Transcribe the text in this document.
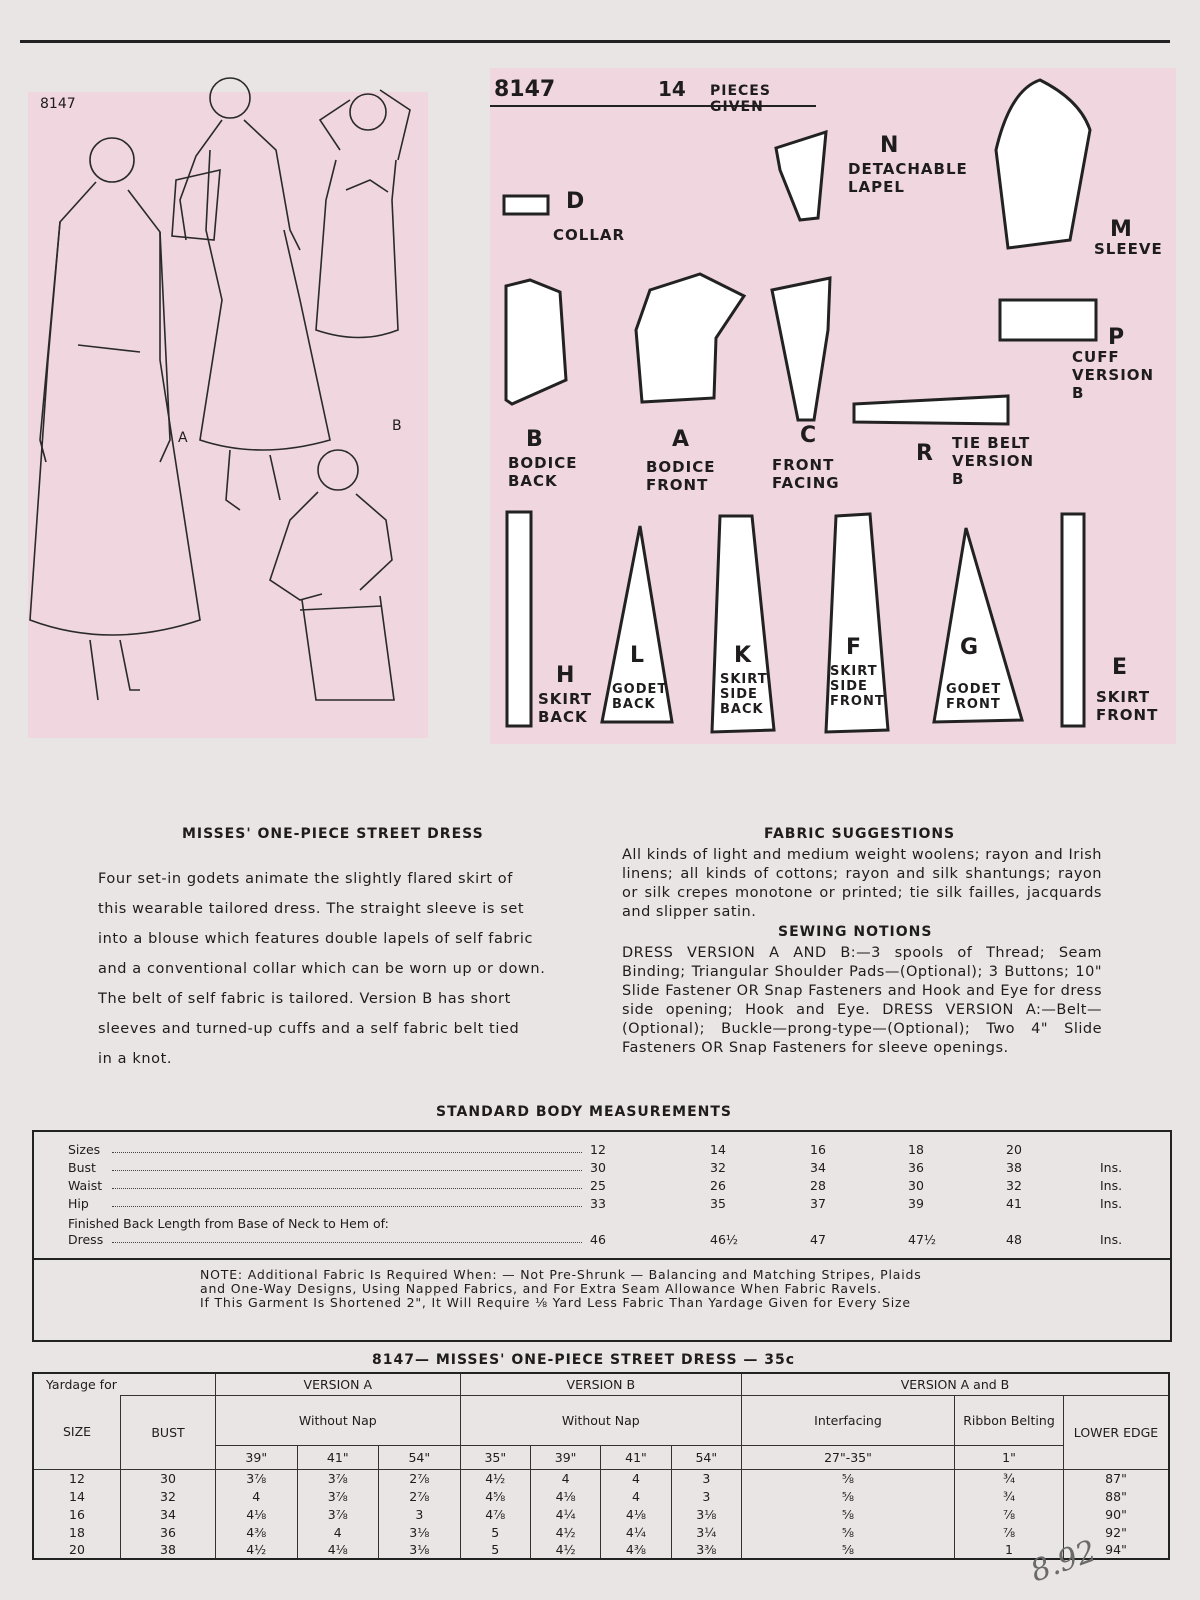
8147
A
B
8147	14 PIECES GIVEN
D
COLLAR
N
DETACHABLE LAPEL
M
SLEEVE
P
CUFF VERSION B
B
BODICE BACK
A
BODICE FRONT
C
FRONT FACING
R TIE BELT VERSION B
H
SKIRT BACK
L
GODET BACK
K
SKIRT SIDE BACK
F
SKIRT SIDE FRONT
G
GODET FRONT
E
SKIRT FRONT
MISSES' ONE-PIECE STREET DRESS
Four set-in godets animate the slightly flared skirt of
this wearable tailored dress. The straight sleeve is set
into a blouse which features double lapels of self fabric
and a conventional collar which can be worn up or down.
The belt of self fabric is tailored. Version B has short
sleeves and turned-up cuffs and a self fabric belt tied
in a knot.
FABRIC SUGGESTIONS
All kinds of light and medium weight woolens; rayon and Irish linens; all kinds of cottons; rayon and silk shantungs; rayon or silk crepes monotone or printed; tie silk failles, jacquards and slipper satin.
SEWING NOTIONS
DRESS VERSION A AND B:—3 spools of Thread; Seam Binding; Triangular Shoulder Pads—(Optional); 3 Buttons; 10" Slide Fastener OR Snap Fasteners and Hook and Eye for dress side opening; Hook and Eye. DRESS VERSION A:—Belt—(Optional); Buckle—prong-type—(Optional); Two 4" Slide Fasteners OR Snap Fasteners for sleeve openings.
STANDARD BODY MEASUREMENTS
Sizes	12	14	16	18	20
Bust	30	32	34	36	38	Ins.
Waist	25	26	28	30	32	Ins.
Hip	33	35	37	39	41	Ins.
Finished Back Length from Base of Neck to Hem of:
Dress	46	46½	47	47½	48	Ins.
NOTE: Additional Fabric Is Required When: — Not Pre-Shrunk — Balancing and Matching Stripes, Plaids
and One-Way Designs, Using Napped Fabrics, and For Extra Seam Allowance When Fabric Ravels.
If This Garment Is Shortened 2", It Will Require ⅛ Yard Less Fabric Than Yardage Given for Every Size
8147— MISSES' ONE-PIECE STREET DRESS — 35c
Yardage for		VERSION A			VERSION B				VERSION A and B		
SIZE	BUST	Without Nap			Without Nap				Interfacing	Ribbon Belting	LOWER EDGE
		39"	41"	54"	35"	39"	41"	54"	27"-35"	1"	
12	30	3⅞	3⅞	2⅞	4½	4	4	3	⅝	¾	87"
14	32	4	3⅞	2⅞	4⅝	4⅛	4	3	⅝	¾	88"
16	34	4⅛	3⅞	3	4⅞	4¼	4⅛	3⅛	⅝	⅞	90"
18	36	4⅜	4	3⅛	5	4½	4¼	3¼	⅝	⅞	92"
20	38	4½	4⅛	3⅛	5	4½	4⅜	3⅜	⅝	1	94"
8.92
